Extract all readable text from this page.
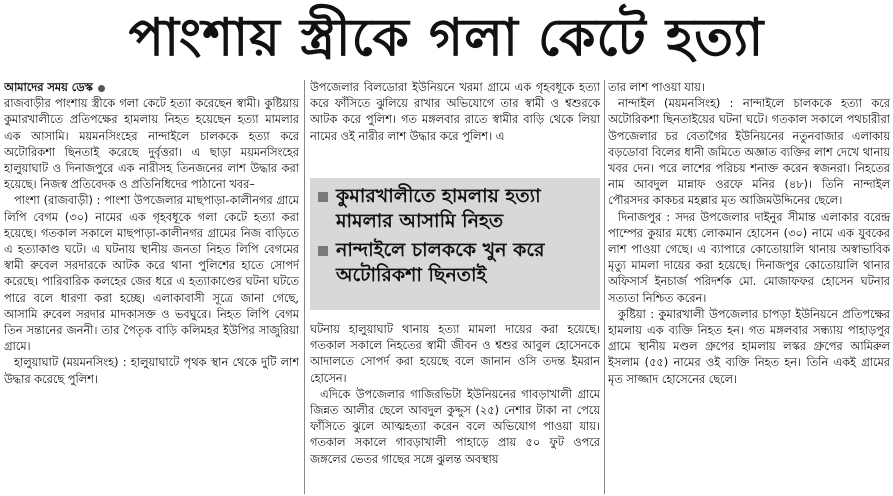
পাংশায় স্ত্রীকে গলা কেটে হত্যা
আমাদের সময় ডেস্ক

রাজবাড়ীর পাংশায় স্ত্রীকে গলা কেটে হত্যা করেছেন স্বামী। কুষ্টিয়ায় কুমারখালীতে প্রতিপক্ষের হামলায় নিহত হয়েছেন হত্যা মামলার এক আসামি। ময়মনসিংহের নান্দাইলে চালককে হত্যা করে অটোরিকশা ছিনতাই করেছে দুর্বৃত্তরা। এ ছাড়া ময়মনসিংহের হালুয়াঘাট ও দিনাজপুরে এক নারীসহ তিনজনের লাশ উদ্ধার করা হয়েছে। নিজস্ব প্রতিবেদক ও প্রতিনিধিদের পাঠানো খবর–

পাংশা (রাজবাড়ী) : পাংশা উপজেলার মাছপাড়া-কালীনগর গ্রামে লিপি বেগম (৩০) নামের এক গৃহবধূকে গলা কেটে হত্যা করা হয়েছে। গতকাল সকালে মাছপাড়া-কালীনগর গ্রামের নিজ বাড়িতে এ হত্যাকাণ্ড ঘটে। এ ঘটনায় স্থানীয় জনতা নিহত লিপি বেগমের স্বামী রুবেল সরদারকে আটক করে থানা পুলিশের হাতে সোপর্দ করেছে। পারিবারিক কলহের জের ধরে এ হত্যাকাণ্ডের ঘটনা ঘটতে পারে বলে ধারণা করা হচ্ছে। এলাকাবাসী সূত্রে জানা গেছে, আসামি রুবেল সরদার মাদকাসক্ত ও ভবঘুরে। নিহত লিপি বেগম তিন সন্তানের জননী। তার পৈতৃক বাড়ি কলিমহর ইউপির সাজুরিয়া গ্রামে।

হালুয়াঘাট (ময়মনসিংহ) : হালুয়াঘাটে পৃথক স্থান থেকে দুটি লাশ উদ্ধার করেছে পুলিশ।

উপজেলার বিলডোরা ইউনিয়নে খরমা গ্রামে এক গৃহবধূকে হত্যা করে ফাঁসিতে ঝুলিয়ে রাখার অভিযোগে তার স্বামী ও শ্বশুরকে আটক করে পুলিশ। গত মঙ্গলবার রাতে স্বামীর বাড়ি থেকে লিয়া নামের ওই নারীর লাশ উদ্ধার করে পুলিশ। এ

কুমারখালীতে হামলায় হত্যা মামলার আসামি নিহত
নান্দাইলে চালককে খুন করে অটোরিকশা ছিনতাই

ঘটনায় হালুয়াঘাট থানায় হত্যা মামলা দায়ের করা হয়েছে। গতকাল সকালে নিহতের স্বামী জীবন ও শ্বশুর আবুল হোসেনকে আদালতে সোপর্দ করা হয়েছে বলে জানান ওসি তদন্ত ইমরান হোসেন।

এদিকে উপজেলার গাজিরভিটা ইউনিয়নের গাবড়াখালী গ্রামে জিন্নত আলীর ছেলে আবদুল কুদ্দুস (২৫) নেশার টাকা না পেয়ে ফাঁসিতে ঝুলে আত্মহত্যা করেন বলে অভিযোগ পাওয়া যায়। গতকাল সকালে গাবড়াখালী পাহাড়ে প্রায় ৫০ ফুট ওপরে জঙ্গলের ভেতর গাছের সঙ্গে ঝুলন্ত অবস্থায়

তার লাশ পাওয়া যায়।

নান্দাইল (ময়মনসিংহ) : নান্দাইলে চালককে হত্যা করে অটোরিকশা ছিনতাইয়ের ঘটনা ঘটে। গতকাল সকালে পথচারীরা উপজেলার চর বেতাগৈর ইউনিয়নের নতুনবাজার এলাকায় বড়ডোবা বিলের ধানী জমিতে অজ্ঞাত ব্যক্তির লাশ দেখে থানায় খবর দেন। পরে লাশের পরিচয় শনাক্ত করেন স্বজনরা। নিহতের নাম আবদুল মান্নাফ ওরফে মনির (৪৮)। তিনি নান্দাইল পৌরসদর কাকচর মহল্লার মৃত আজিমউদ্দিনের ছেলে।

দিনাজপুর : সদর উপজেলার দাইনুর সীমান্ত এলাকার বরেন্দ্র পাম্পের কুয়ার মধ্যে লোকমান হোসেন (৩০) নামে এক যুবকের লাশ পাওয়া গেছে। এ ব্যাপারে কোতোয়ালি থানায় অস্বাভাবিক মৃত্যু মামলা দায়ের করা হয়েছে। দিনাজপুর কোতোয়ালি থানার অফিসার্স ইনচার্জ পরিদর্শক মো. মোজাফফর হোসেন ঘটনার সত্যতা নিশ্চিত করেন।

কুষ্টিয়া : কুমারখালী উপজেলার চাপড়া ইউনিয়নে প্রতিপক্ষের হামলায় এক ব্যক্তি নিহত হন। গত মঙ্গলবার সন্ধ্যায় পাহাড়পুর গ্রামে স্থানীয় মণ্ডল গ্রুপের হামলায় লস্কর গ্রুপের আমিরুল ইসলাম (৫৫) নামের ওই ব্যক্তি নিহত হন। তিনি একই গ্রামের মৃত সাজ্জাদ হোসেনের ছেলে।
